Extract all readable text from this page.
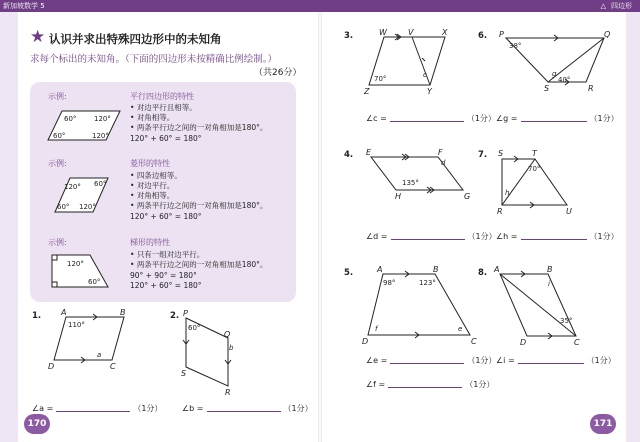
新加坡数学 5	△ 四边形
170	171
★ 认识并求出特殊四边形中的未知角
求每个标出的未知角。（下面的四边形未按精确比例绘制。）
（共26分）
示例:	平行四边形的特性
• 对边平行且相等。
• 对角相等。
• 两条平行边之间的一对角相加是180°。
120° + 60° = 180°
示例:	菱形的特性
• 四条边相等。
• 对边平行。
• 对角相等。
• 两条平行边之间的一对角相加是180°。
120° + 60° = 180°
示例:	梯形的特性
• 只有一组对边平行。
• 两条平行边之间的一对角相加是180°。
90° + 90° = 180°
120° + 60° = 180°
60°	120°
60°	120°
120° 60°
60° 120°
120°
60°
A	B
C
D
110°
a
P
Q
R
S
60°
b
W	V	X
Z	Y
70°	c
E	F
G
H
135°
d
A	B
C
D
98°	123°
e
f
P	Q
R
S
38°
40°
g
S	T
U
R
70°
h
A	B
C
D
35°
i
1.	2.
3.
4.
5.
6.
7.
8.
∠a =	（1分） ∠b =	（1分）
∠c =	（1分） ∠g =	（1分）
∠d =	（1分） ∠h =	（1分）
∠e =	（1分） ∠i =	（1分）
∠f =	（1分）
